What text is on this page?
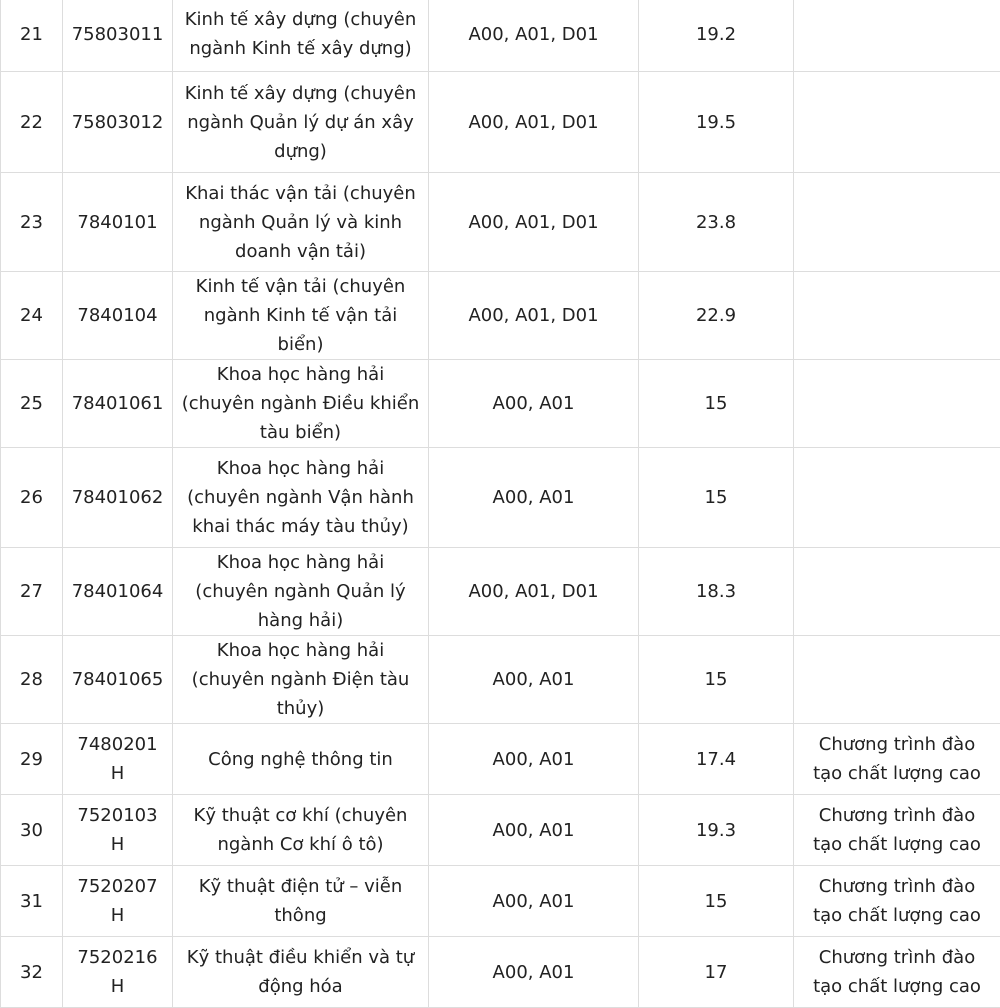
21	75803011	Kinh tế xây dựng (chuyên ngành Kinh tế xây dựng)	A00, A01, D01	19.2	
22	75803012	Kinh tế xây dựng (chuyên ngành Quản lý dự án xây dựng)	A00, A01, D01	19.5	
23	7840101	Khai thác vận tải (chuyên ngành Quản lý và kinh doanh vận tải)	A00, A01, D01	23.8	
24	7840104	Kinh tế vận tải (chuyên ngành Kinh tế vận tải biển)	A00, A01, D01	22.9	
25	78401061	Khoa học hàng hải (chuyên ngành Điều khiển tàu biển)	A00, A01	15	
26	78401062	Khoa học hàng hải (chuyên ngành Vận hành khai thác máy tàu thủy)	A00, A01	15	
27	78401064	Khoa học hàng hải (chuyên ngành Quản lý hàng hải)	A00, A01, D01	18.3	
28	78401065	Khoa học hàng hải (chuyên ngành Điện tàu thủy)	A00, A01	15	
29	7480201H	Công nghệ thông tin	A00, A01	17.4	Chương trình đào tạo chất lượng cao
30	7520103H	Kỹ thuật cơ khí (chuyên ngành Cơ khí ô tô)	A00, A01	19.3	Chương trình đào tạo chất lượng cao
31	7520207H	Kỹ thuật điện tử – viễn thông	A00, A01	15	Chương trình đào tạo chất lượng cao
32	7520216H	Kỹ thuật điều khiển và tự động hóa	A00, A01	17	Chương trình đào tạo chất lượng cao
